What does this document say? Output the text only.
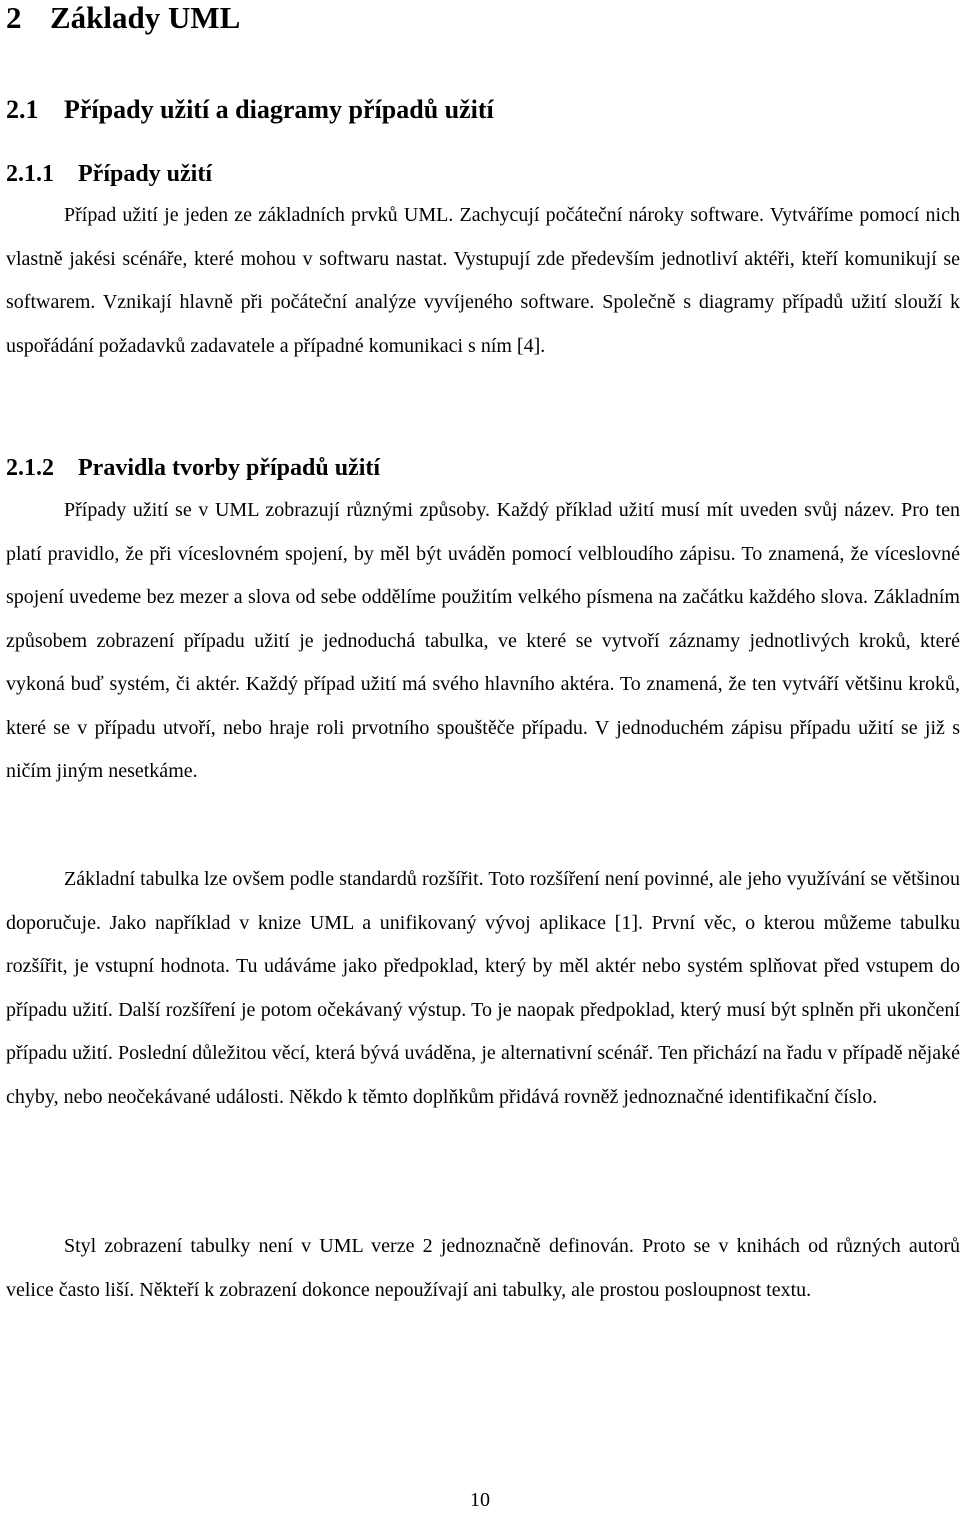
2 Základy UML
2.1 Případy užití a diagramy případů užití
2.1.1 Případy užití

Případ užití je jeden ze základních prvků UML. Zachycují počáteční nároky software. Vytváříme pomocí nich vlastně jakési scénáře, které mohou v softwaru nastat. Vystupují zde především jednotliví aktéři, kteří komunikují se softwarem. Vznikají hlavně při počáteční analýze vyvíjeného software. Společně s diagramy případů užití slouží k uspořádání požadavků zadavatele a případné komunikaci s ním [4].

2.1.2 Pravidla tvorby případů užití

Případy užití se v UML zobrazují různými způsoby. Každý příklad užití musí mít uveden svůj název. Pro ten platí pravidlo, že při víceslovném spojení, by měl být uváděn pomocí velbloudího zápisu. To znamená, že víceslovné spojení uvedeme bez mezer a slova od sebe oddělíme použitím velkého písmena na začátku každého slova. Základním způsobem zobrazení případu užití je jednoduchá tabulka, ve které se vytvoří záznamy jednotlivých kroků, které vykoná buď systém, či aktér. Každý případ užití má svého hlavního aktéra. To znamená, že ten vytváří většinu kroků, které se v případu utvoří, nebo hraje roli prvotního spouštěče případu. V jednoduchém zápisu případu užití se již s ničím jiným nesetkáme.

Základní tabulka lze ovšem podle standardů rozšířit. Toto rozšíření není povinné, ale jeho využívání se většinou doporučuje. Jako například v knize UML a unifikovaný vývoj aplikace [1]. První věc, o kterou můžeme tabulku rozšířit, je vstupní hodnota. Tu udáváme jako předpoklad, který by měl aktér nebo systém splňovat před vstupem do případu užití. Další rozšíření je potom očekávaný výstup. To je naopak předpoklad, který musí být splněn při ukončení případu užití. Poslední důležitou věcí, která bývá uváděna, je alternativní scénář. Ten přichází na řadu v případě nějaké chyby, nebo neočekávané události. Někdo k těmto doplňkům přidává rovněž jednoznačné identifikační číslo.

Styl zobrazení tabulky není v UML verze 2 jednoznačně definován. Proto se v knihách od různých autorů velice často liší. Někteří k zobrazení dokonce nepoužívají ani tabulky, ale prostou posloupnost textu.

10
